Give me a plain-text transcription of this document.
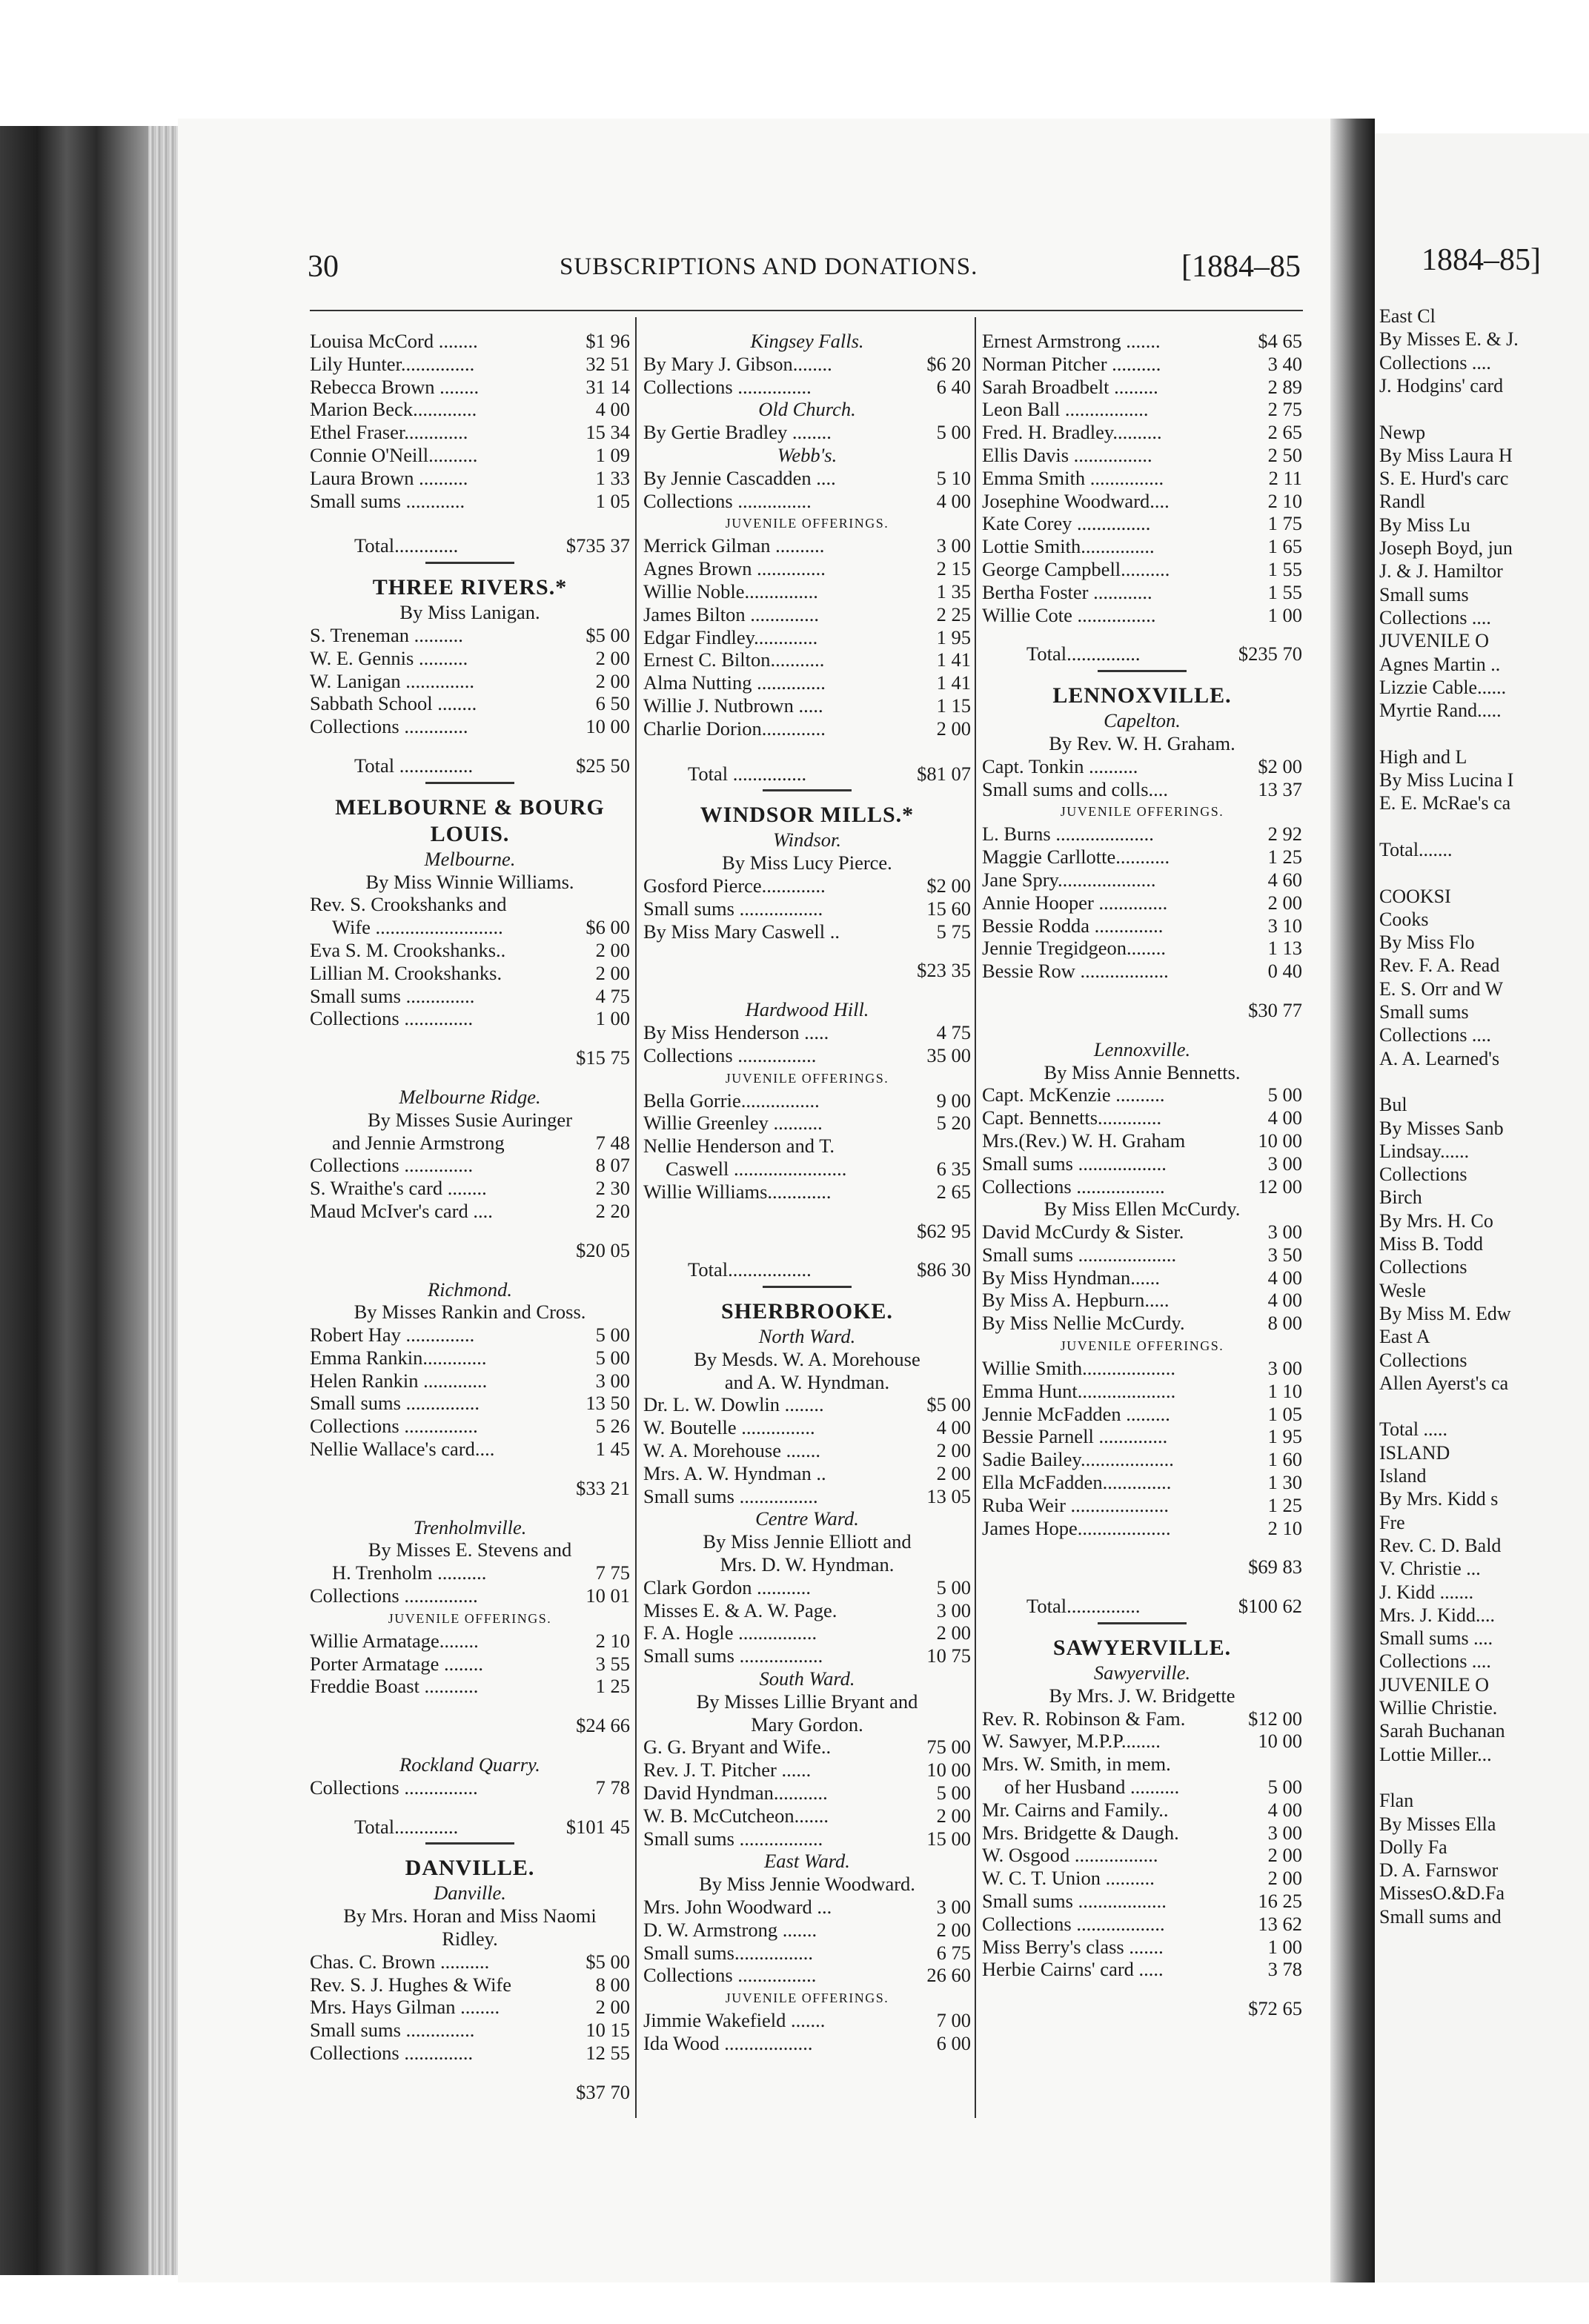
1884–85]
East Cl
By Misses E. & J.
Collections ....
J. Hodgins' card
Newp
By Miss Laura H
S. E. Hurd's carc
Randl
By Miss Lu
Joseph Boyd, jun
J. & J. Hamiltor
Small sums
Collections ....
JUVENILE O
Agnes Martin ..
Lizzie Cable......
Myrtie Rand.....
High and L
By Miss Lucina I
E. E. McRae's ca
Total.......
COOKSI
Cooks
By Miss Flo
Rev. F. A. Read
E. S. Orr and W
Small sums
Collections ....
A. A. Learned's
Bul
By Misses Sanb
Lindsay......
Collections
Birch
By Mrs. H. Co
Miss B. Todd
Collections
Wesle
By Miss M. Edw
East A
Collections
Allen Ayerst's ca
Total .....
ISLAND
Island
By Mrs. Kidd s
Fre
Rev. C. D. Bald
V. Christie ...
J. Kidd .......
Mrs. J. Kidd....
Small sums ....
Collections ....
JUVENILE O
Willie Christie.
Sarah Buchanan
Lottie Miller...
Flan
By Misses Ella
Dolly Fa
D. A. Farnswor
MissesO.&D.Fa
Small sums and
30	SUBSCRIPTIONS AND DONATIONS.	[1884–85
Louisa McCord ........	$1 96
Lily Hunter...............	32 51
Rebecca Brown ........	31 14
Marion Beck.............	4 00
Ethel Fraser.............	15 34
Connie O'Neill..........	1 09
Laura Brown ..........	1 33
Small sums ............	1 05
Total.............	$735 37
THREE RIVERS.*
By Miss Lanigan.
S. Treneman ..........	$5 00
W. E. Gennis ..........	2 00
W. Lanigan ..............	2 00
Sabbath School ........	6 50
Collections .............	10 00
Total ...............	$25 50
MELBOURNE & BOURG
LOUIS.
Melbourne.
By Miss Winnie Williams.
Rev. S. Crookshanks and
Wife ..........................	$6 00
Eva S. M. Crookshanks..	2 00
Lillian M. Crookshanks.	2 00
Small sums ..............	4 75
Collections ..............	1 00
$15 75
Melbourne Ridge.
By Misses Susie Auringer
and Jennie Armstrong	7 48
Collections ..............	8 07
S. Wraithe's card ........	2 30
Maud McIver's card ....	2 20
$20 05
Richmond.
By Misses Rankin and Cross.
Robert Hay ..............	5 00
Emma Rankin.............	5 00
Helen Rankin .............	3 00
Small sums ...............	13 50
Collections ...............	5 26
Nellie Wallace's card....	1 45
$33 21
Trenholmville.
By Misses E. Stevens and
H. Trenholm ..........	7 75
Collections ...............	10 01
JUVENILE OFFERINGS.
Willie Armatage........	2 10
Porter Armatage ........	3 55
Freddie Boast ...........	1 25
$24 66
Rockland Quarry.
Collections ...............	7 78
Total.............	$101 45
DANVILLE.
Danville.
By Mrs. Horan and Miss Naomi
Ridley.
Chas. C. Brown ..........	$5 00
Rev. S. J. Hughes & Wife	8 00
Mrs. Hays Gilman ........	2 00
Small sums ..............	10 15
Collections ..............	12 55
$37 70
Kingsey Falls.
By Mary J. Gibson........	$6 20
Collections ...............	6 40
Old Church.
By Gertie Bradley ........	5 00
Webb's.
By Jennie Cascadden ....	5 10
Collections ...............	4 00
JUVENILE OFFERINGS.
Merrick Gilman ..........	3 00
Agnes Brown ..............	2 15
Willie Noble...............	1 35
James Bilton ..............	2 25
Edgar Findley.............	1 95
Ernest C. Bilton...........	1 41
Alma Nutting ..............	1 41
Willie J. Nutbrown .....	1 15
Charlie Dorion.............	2 00
Total ...............	$81 07
WINDSOR MILLS.*
Windsor.
By Miss Lucy Pierce.
Gosford Pierce.............	$2 00
Small sums .................	15 60
By Miss Mary Caswell ..	5 75
$23 35
Hardwood Hill.
By Miss Henderson .....	4 75
Collections ................	35 00
JUVENILE OFFERINGS.
Bella Gorrie................	9 00
Willie Greenley ..........	5 20
Nellie Henderson and T.
Caswell .......................	6 35
Willie Williams.............	2 65
$62 95
Total.................	$86 30
SHERBROOKE.
North Ward.
By Mesds. W. A. Morehouse
and A. W. Hyndman.
Dr. L. W. Dowlin ........	$5 00
W. Boutelle ...............	4 00
W. A. Morehouse .......	2 00
Mrs. A. W. Hyndman ..	2 00
Small sums ................	13 05
Centre Ward.
By Miss Jennie Elliott and
Mrs. D. W. Hyndman.
Clark Gordon ...........	5 00
Misses E. & A. W. Page.	3 00
F. A. Hogle ................	2 00
Small sums .................	10 75
South Ward.
By Misses Lillie Bryant and
Mary Gordon.
G. G. Bryant and Wife..	75 00
Rev. J. T. Pitcher ......	10 00
David Hyndman...........	5 00
W. B. McCutcheon.......	2 00
Small sums .................	15 00
East Ward.
By Miss Jennie Woodward.
Mrs. John Woodward ...	3 00
D. W. Armstrong .......	2 00
Small sums................	6 75
Collections ................	26 60
JUVENILE OFFERINGS.
Jimmie Wakefield .......	7 00
Ida Wood ..................	6 00
Ernest Armstrong .......	$4 65
Norman Pitcher ..........	3 40
Sarah Broadbelt .........	2 89
Leon Ball .................	2 75
Fred. H. Bradley..........	2 65
Ellis Davis ................	2 50
Emma Smith ...............	2 11
Josephine Woodward....	2 10
Kate Corey ...............	1 75
Lottie Smith...............	1 65
George Campbell..........	1 55
Bertha Foster ............	1 55
Willie Cote ................	1 00
Total...............	$235 70
LENNOXVILLE.
Capelton.
By Rev. W. H. Graham.
Capt. Tonkin ..........	$2 00
Small sums and colls....	13 37
JUVENILE OFFERINGS.
L. Burns ....................	2 92
Maggie Carllotte...........	1 25
Jane Spry....................	4 60
Annie Hooper ..............	2 00
Bessie Rodda ..............	3 10
Jennie Tregidgeon........	1 13
Bessie Row ..................	0 40
$30 77
Lennoxville.
By Miss Annie Bennetts.
Capt. McKenzie ..........	5 00
Capt. Bennetts.............	4 00
Mrs.(Rev.) W. H. Graham	10 00
Small sums ..................	3 00
Collections ..................	12 00
By Miss Ellen McCurdy.
David McCurdy & Sister.	3 00
Small sums ....................	3 50
By Miss Hyndman......	4 00
By Miss A. Hepburn.....	4 00
By Miss Nellie McCurdy.	8 00
JUVENILE OFFERINGS.
Willie Smith...................	3 00
Emma Hunt....................	1 10
Jennie McFadden .........	1 05
Bessie Parnell ..............	1 95
Sadie Bailey...................	1 60
Ella McFadden..............	1 30
Ruba Weir ....................	1 25
James Hope...................	2 10
$69 83
Total...............	$100 62
SAWYERVILLE.
Sawyerville.
By Mrs. J. W. Bridgette
Rev. R. Robinson & Fam.	$12 00
W. Sawyer, M.P.P........	10 00
Mrs. W. Smith, in mem.
of her Husband ..........	5 00
Mr. Cairns and Family..	4 00
Mrs. Bridgette & Daugh.	3 00
W. Osgood .................	2 00
W. C. T. Union ..........	2 00
Small sums ..................	16 25
Collections ..................	13 62
Miss Berry's class .......	1 00
Herbie Cairns' card .....	3 78
$72 65
